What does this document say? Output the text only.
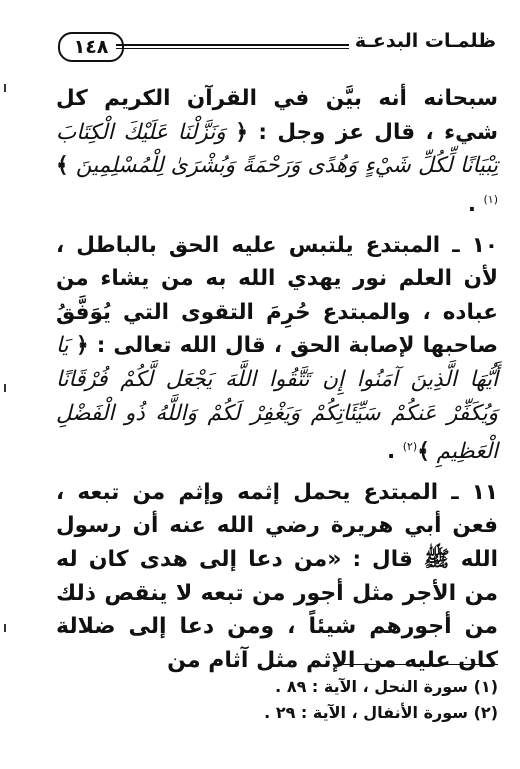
١٤٨	ظلمـات البدعـة

سبحانه أنه بيَّن في القرآن الكريم كل شيء ، قال عز وجل : ﴿ وَنَزَّلْنَا عَلَيْكَ الْكِتَابَ تِبْيَانًا لِّكُلِّ شَيْءٍ وَهُدًى وَرَحْمَةً وَبُشْرَىٰ لِلْمُسْلِمِينَ ﴾$^{(١)}$ .

١٠ ـ المبتدع يلتبس عليه الحق بالباطل ، لأن العلم نور يهدي الله به من يشاء من عباده ، والمبتدع حُرِمَ التقوى التي يُوَفَّقُ صاحبها لإصابة الحق ، قال الله تعالى : ﴿ يَا أَيُّهَا الَّذِينَ آمَنُوا إِن تَتَّقُوا اللَّهَ يَجْعَل لَّكُمْ فُرْقَانًا وَيُكَفِّرْ عَنكُمْ سَيِّئَاتِكُمْ وَيَغْفِرْ لَكُمْ وَاللَّهُ ذُو الْفَضْلِ الْعَظِيمِ ﴾$^{(٢)}$ .

١١ ـ المبتدع يحمل إثمه وإثم من تبعه ، فعن أبي هريرة رضي الله عنه أن رسول الله ﷺ قال : «من دعا إلى هدى كان له من الأجر مثل أجور من تبعه لا ينقص ذلك من أجورهم شيئاً ، ومن دعا إلى ضلالة كان عليه من الإثم مثل آثام من

(١) سورة النحل ، الآية : ٨٩ .
(٢) سورة الأنفال ، الآية : ٢٩ .
